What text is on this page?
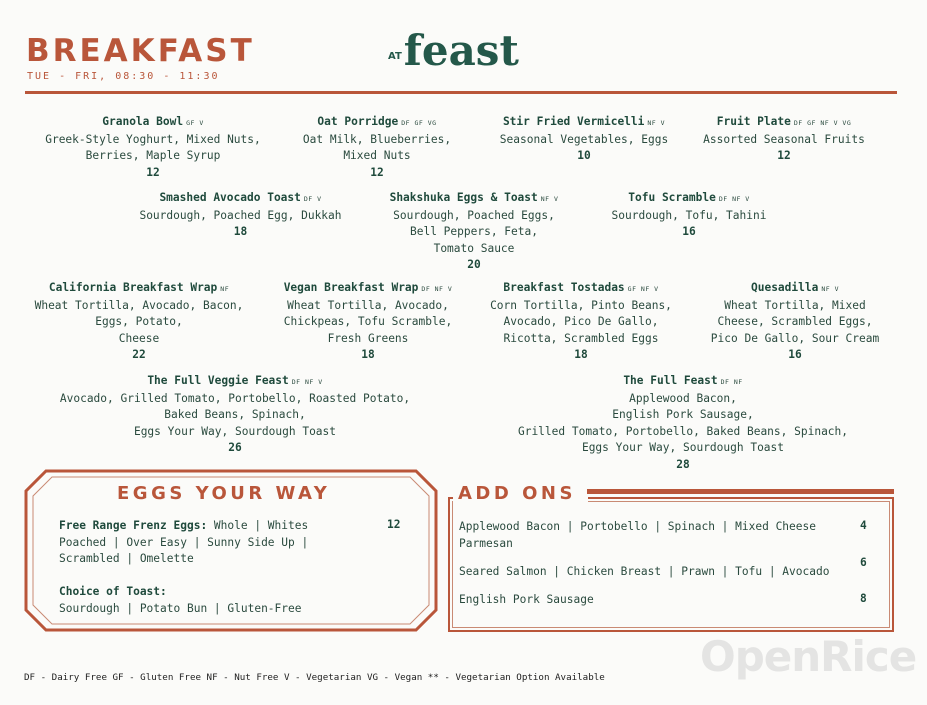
BREAKFAST
TUE - FRI, 08:30 - 11:30
$^{AT}$feast
Granola Bowl GF V
Greek-Style Yoghurt, Mixed Nuts,
Berries, Maple Syrup
12
Oat Porridge DF GF VG
Oat Milk, Blueberries,
Mixed Nuts
12
Stir Fried Vermicelli NF V
Seasonal Vegetables, Eggs
10
Fruit Plate DF GF NF V VG
Assorted Seasonal Fruits
12
Smashed Avocado Toast DF V
Sourdough, Poached Egg, Dukkah
18
Shakshuka Eggs & Toast NF V
Sourdough, Poached Eggs,
Bell Peppers, Feta,
Tomato Sauce
20
Tofu Scramble DF NF V
Sourdough, Tofu, Tahini
16
California Breakfast Wrap NF
Wheat Tortilla, Avocado, Bacon,
Eggs, Potato,
Cheese
22
Vegan Breakfast Wrap DF NF V
Wheat Tortilla, Avocado,
Chickpeas, Tofu Scramble,
Fresh Greens
18
Breakfast Tostadas GF NF V
Corn Tortilla, Pinto Beans,
Avocado, Pico De Gallo,
Ricotta, Scrambled Eggs
18
Quesadilla NF V
Wheat Tortilla, Mixed
Cheese, Scrambled Eggs,
Pico De Gallo, Sour Cream
16
The Full Veggie Feast DF NF V
Avocado, Grilled Tomato, Portobello, Roasted Potato,
Baked Beans, Spinach,
Eggs Your Way, Sourdough Toast
26
The Full Feast DF NF
Applewood Bacon,
English Pork Sausage,
Grilled Tomato, Portobello, Baked Beans, Spinach,
Eggs Your Way, Sourdough Toast
28
EGGS YOUR WAY
Free Range Frenz Eggs: Whole | Whites
Poached | Over Easy | Sunny Side Up |
Scrambled | Omelette
12
Choice of Toast:
Sourdough | Potato Bun | Gluten-Free
ADD ONS
Applewood Bacon | Portobello | Spinach | Mixed Cheese
Parmesan
4
Seared Salmon | Chicken Breast | Prawn | Tofu | Avocado
6
English Pork Sausage	8
DF - Dairy Free GF - Gluten Free NF - Nut Free V - Vegetarian VG - Vegan ** - Vegetarian Option Available OpenRice
